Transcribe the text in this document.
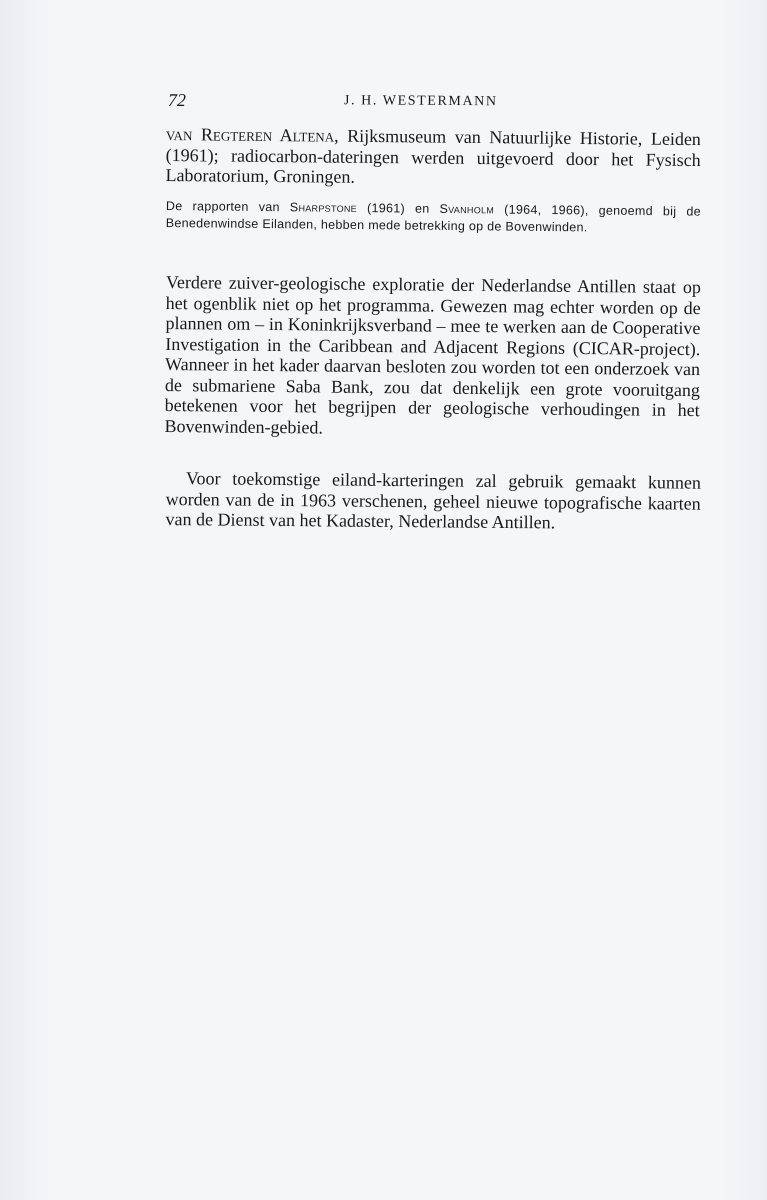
72	J. H. WESTERMANN

van Regteren Altena, Rijksmuseum van Natuurlijke Historie, Leiden (1961); radiocarbon-dateringen werden uitgevoerd door het Fysisch Laboratorium, Groningen.

De rapporten van Sharpstone (1961) en Svanholm (1964, 1966), genoemd bij de Benedenwindse Eilanden, hebben mede betrekking op de Bovenwinden.

Verdere zuiver-geologische exploratie der Nederlandse Antillen staat op het ogenblik niet op het programma. Gewezen mag echter worden op de plannen om – in Koninkrijksverband – mee te werken aan de Cooperative Investigation in the Caribbean and Adjacent Regions (CICAR-project). Wanneer in het kader daarvan besloten zou worden tot een onderzoek van de submariene Saba Bank, zou dat denkelijk een grote vooruitgang betekenen voor het begrijpen der geologische verhoudingen in het Bovenwinden-gebied.

Voor toekomstige eiland-karteringen zal gebruik gemaakt kunnen worden van de in 1963 verschenen, geheel nieuwe topografische kaarten van de Dienst van het Kadaster, Nederlandse Antillen.
